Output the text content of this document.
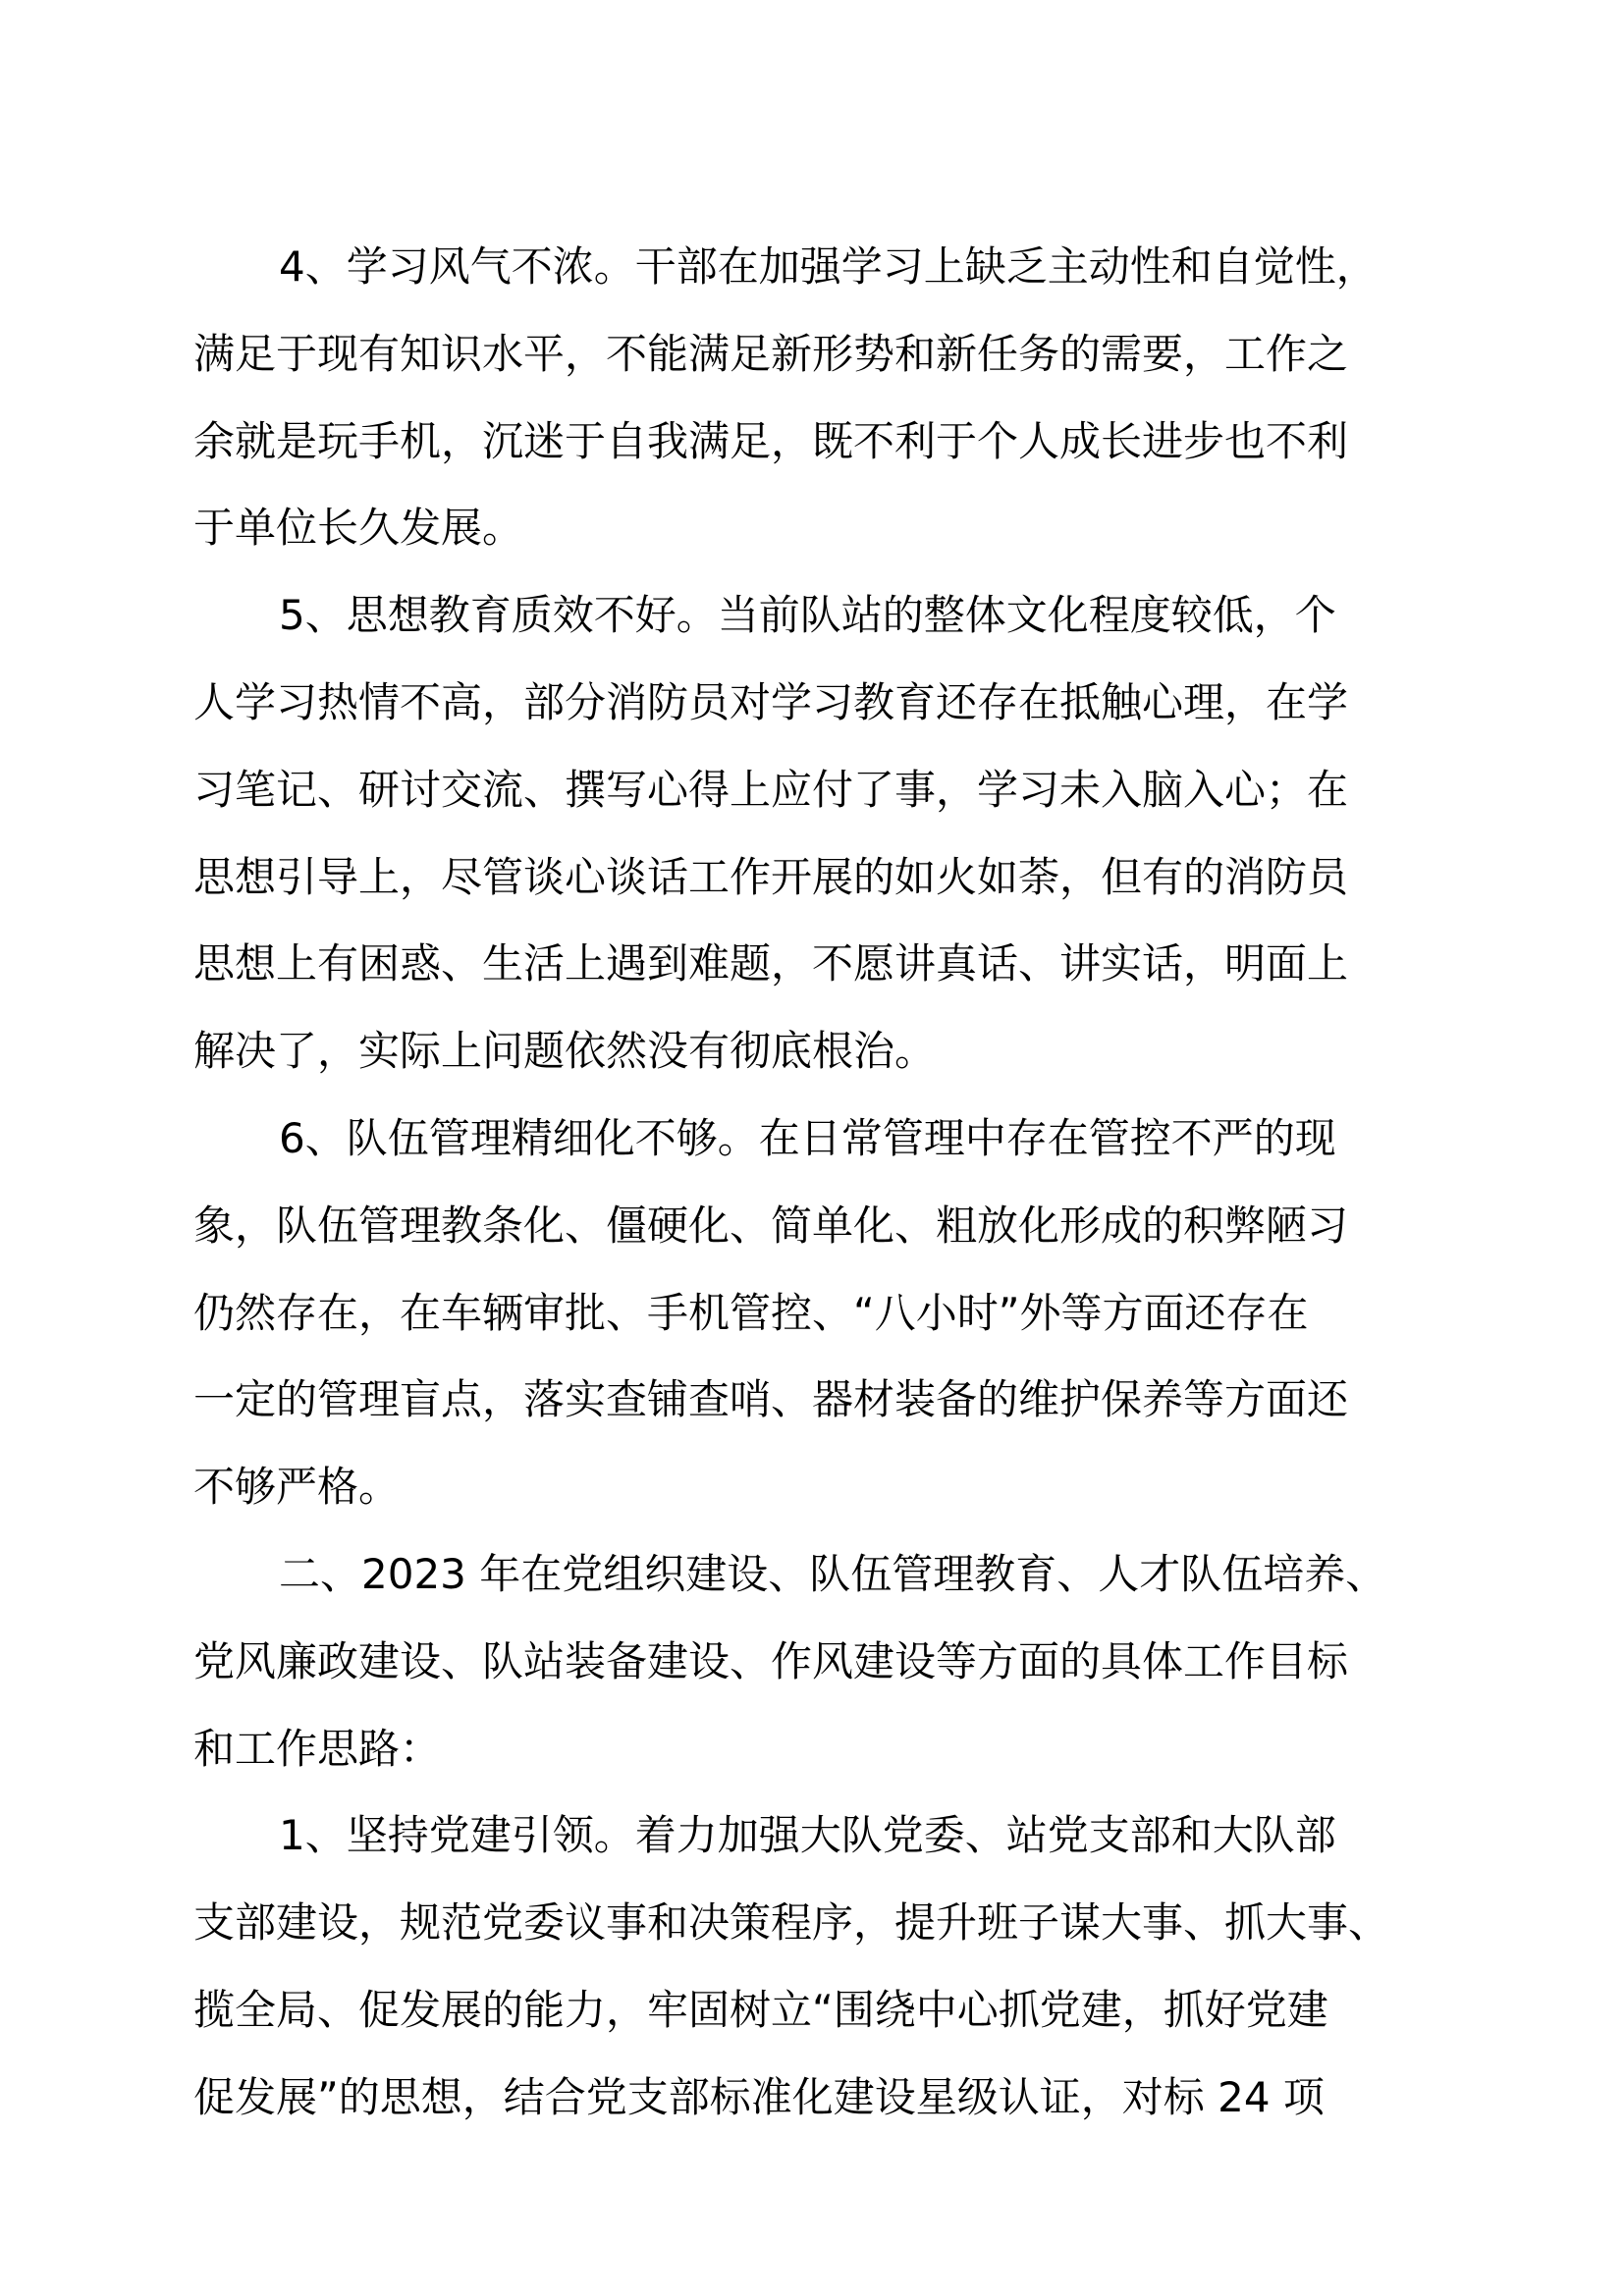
4、学习风气不浓。干部在加强学习上缺乏主动性和自觉性，
满足于现有知识水平，不能满足新形势和新任务的需要，工作之
余就是玩手机，沉迷于自我满足，既不利于个人成长进步也不利
于单位长久发展。
5、思想教育质效不好。当前队站的整体文化程度较低，个
人学习热情不高，部分消防员对学习教育还存在抵触心理，在学
习笔记、研讨交流、撰写心得上应付了事，学习未入脑入心；在
思想引导上，尽管谈心谈话工作开展的如火如荼，但有的消防员
思想上有困惑、生活上遇到难题，不愿讲真话、讲实话，明面上
解决了，实际上问题依然没有彻底根治。
6、队伍管理精细化不够。在日常管理中存在管控不严的现
象，队伍管理教条化、僵硬化、简单化、粗放化形成的积弊陋习
仍然存在，在车辆审批、手机管控、“八小时”外等方面还存在
一定的管理盲点，落实查铺查哨、器材装备的维护保养等方面还
不够严格。
二、2023 年在党组织建设、队伍管理教育、人才队伍培养、
党风廉政建设、队站装备建设、作风建设等方面的具体工作目标
和工作思路：
1、坚持党建引领。着力加强大队党委、站党支部和大队部
支部建设，规范党委议事和决策程序，提升班子谋大事、抓大事、
揽全局、促发展的能力，牢固树立“围绕中心抓党建，抓好党建
促发展”的思想，结合党支部标准化建设星级认证，对标 24 项
